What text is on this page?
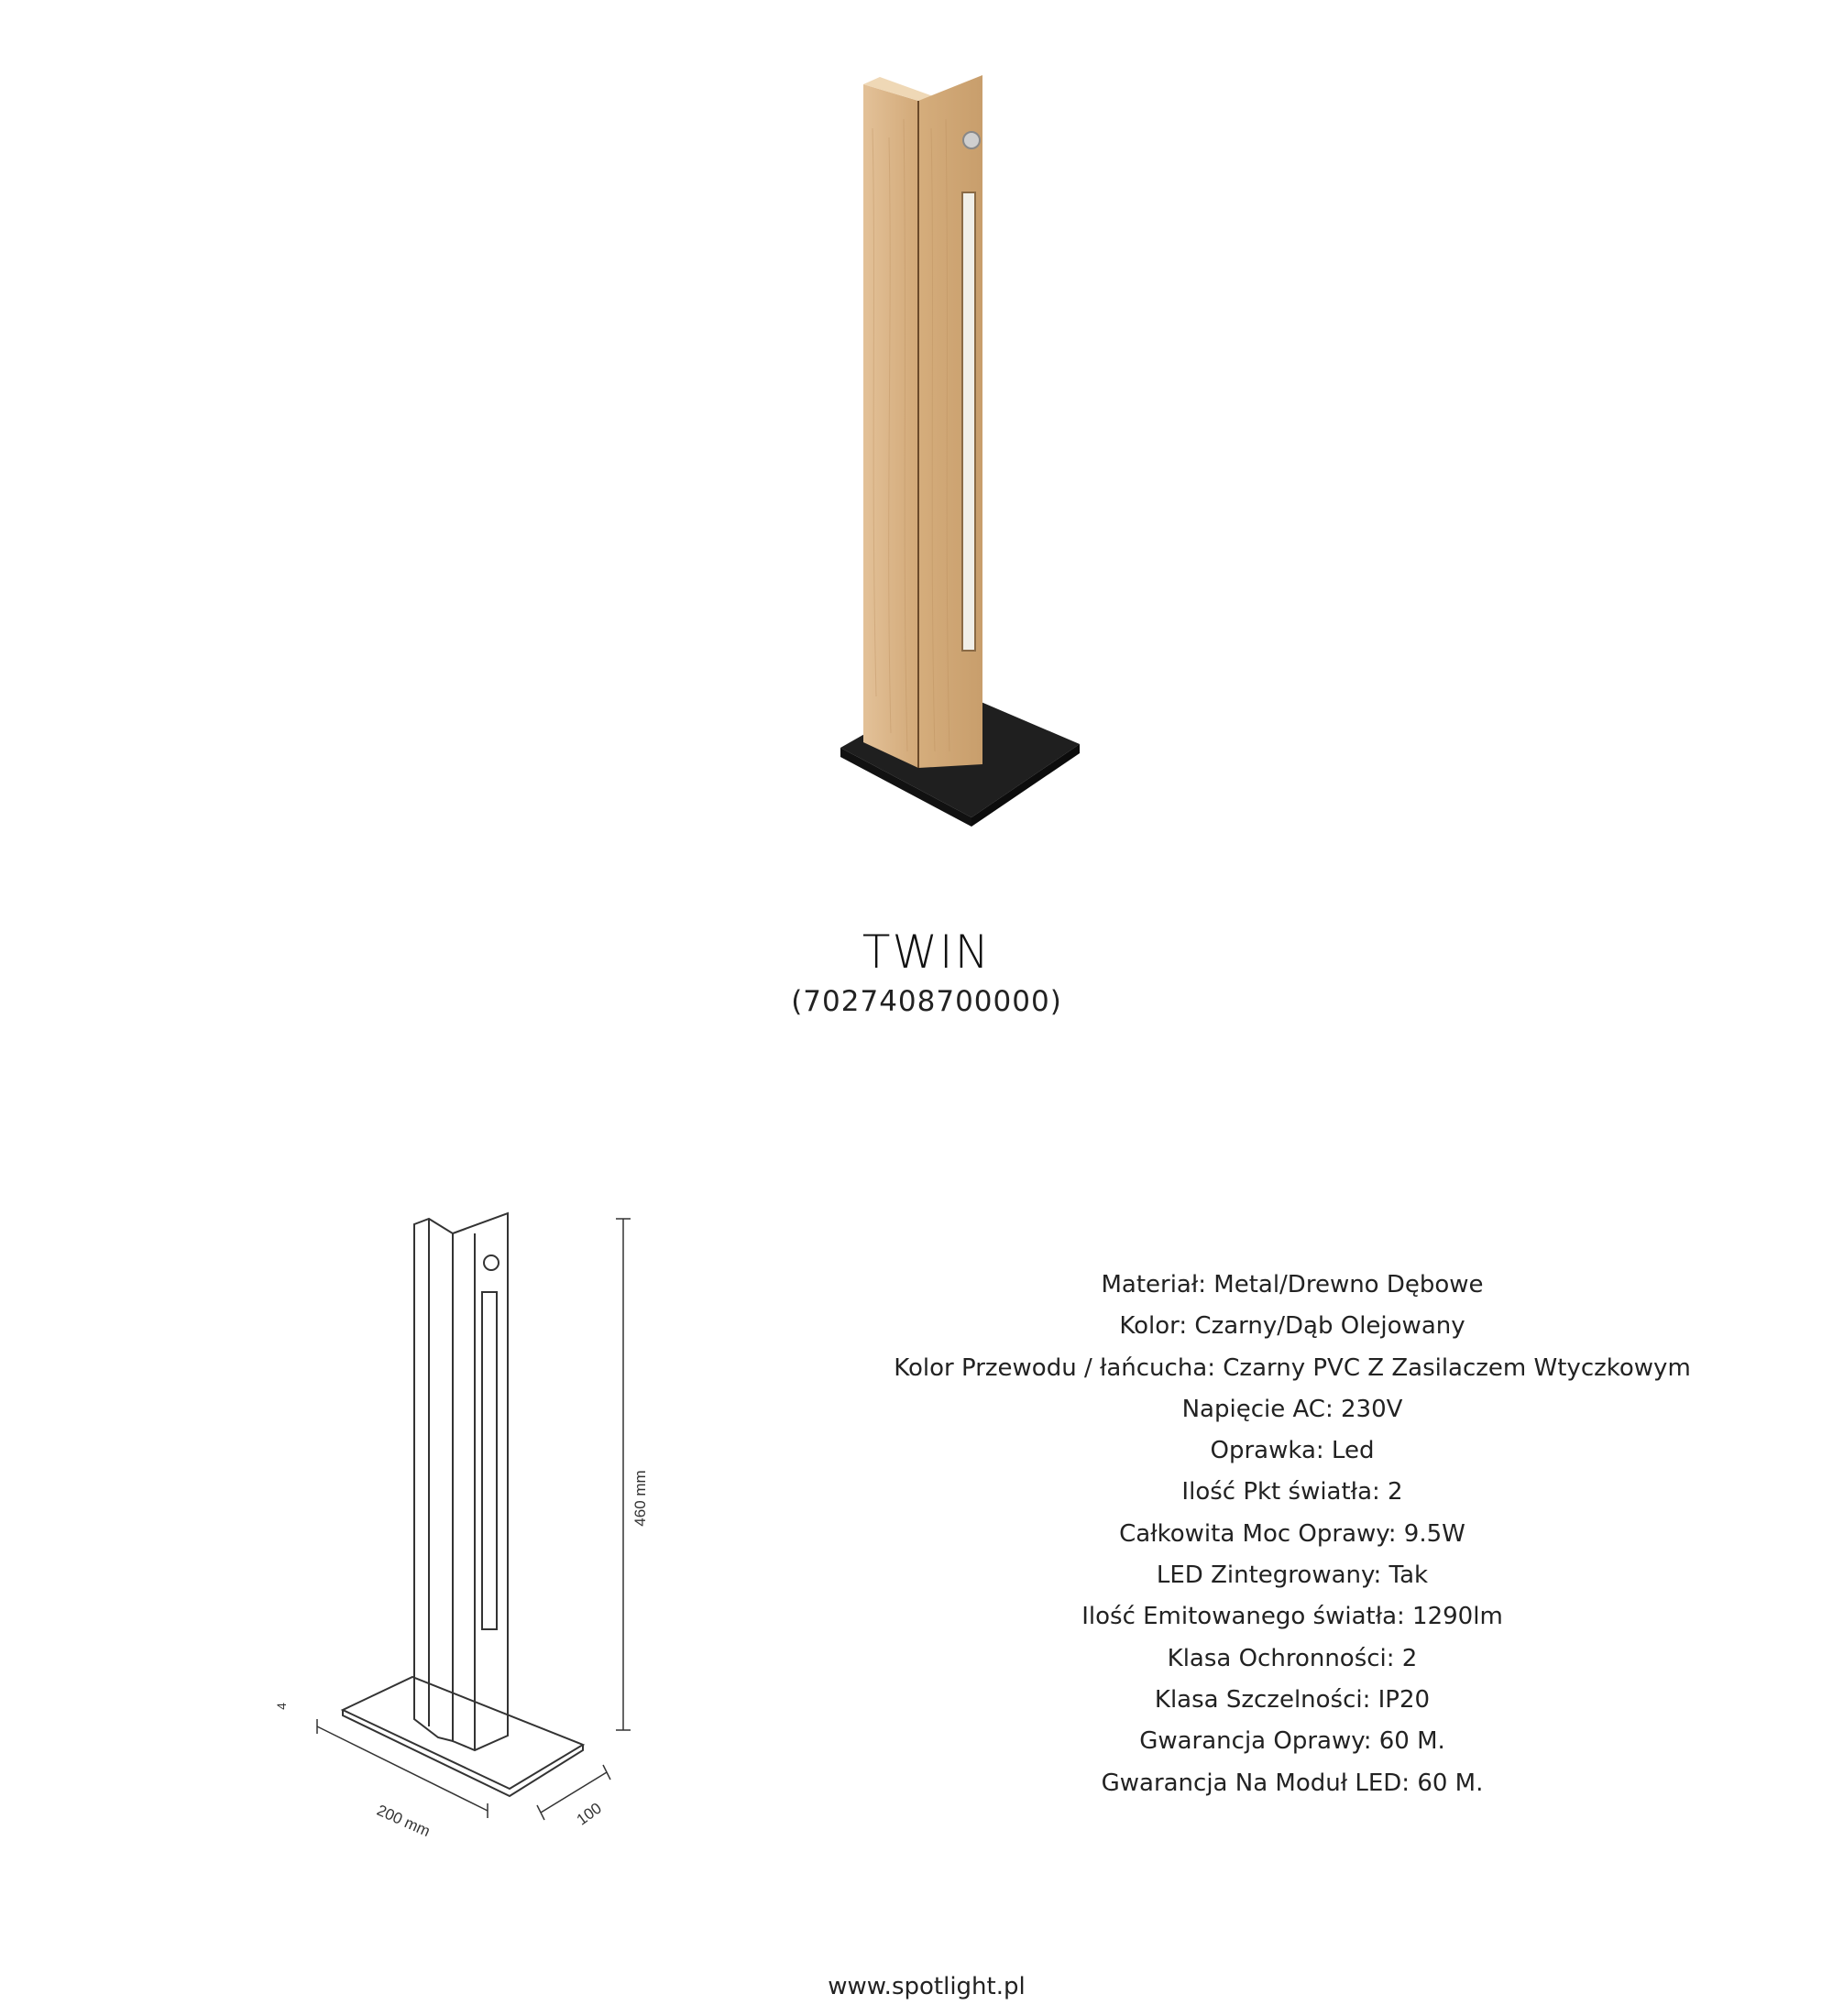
TWIN
(7027408700000)
460 mm
200 mm	100
4
Materiał: Metal/Drewno Dębowe
Kolor: Czarny/Dąb Olejowany
Kolor Przewodu / łańcucha: Czarny PVC Z Zasilaczem Wtyczkowym
Napięcie AC: 230V
Oprawka: Led
Ilość Pkt światła: 2
Całkowita Moc Oprawy: 9.5W
LED Zintegrowany: Tak
Ilość Emitowanego światła: 1290lm
Klasa Ochronności: 2
Klasa Szczelności: IP20
Gwarancja Oprawy: 60 M.
Gwarancja Na Moduł LED: 60 M.
www.spotlight.pl
